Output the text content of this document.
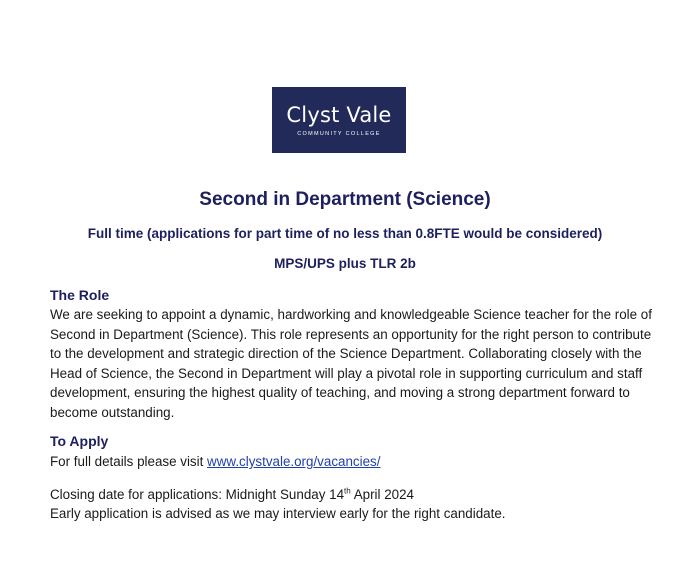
Clyst Vale
COMMUNITY COLLEGE
Second in Department (Science)
Full time (applications for part time of no less than 0.8FTE would be considered)
MPS/UPS plus TLR 2b
The Role

We are seeking to appoint a dynamic, hardworking and knowledgeable Science teacher for the role of Second in Department (Science). This role represents an opportunity for the right person to contribute to the development and strategic direction of the Science Department. Collaborating closely with the Head of Science, the Second in Department will play a pivotal role in supporting curriculum and staff development, ensuring the highest quality of teaching, and moving a strong department forward to become outstanding.

To Apply
For full details please visit www.clystvale.org/vacancies/
Closing date for applications: Midnight Sunday 14th April 2024
Early application is advised as we may interview early for the right candidate.
